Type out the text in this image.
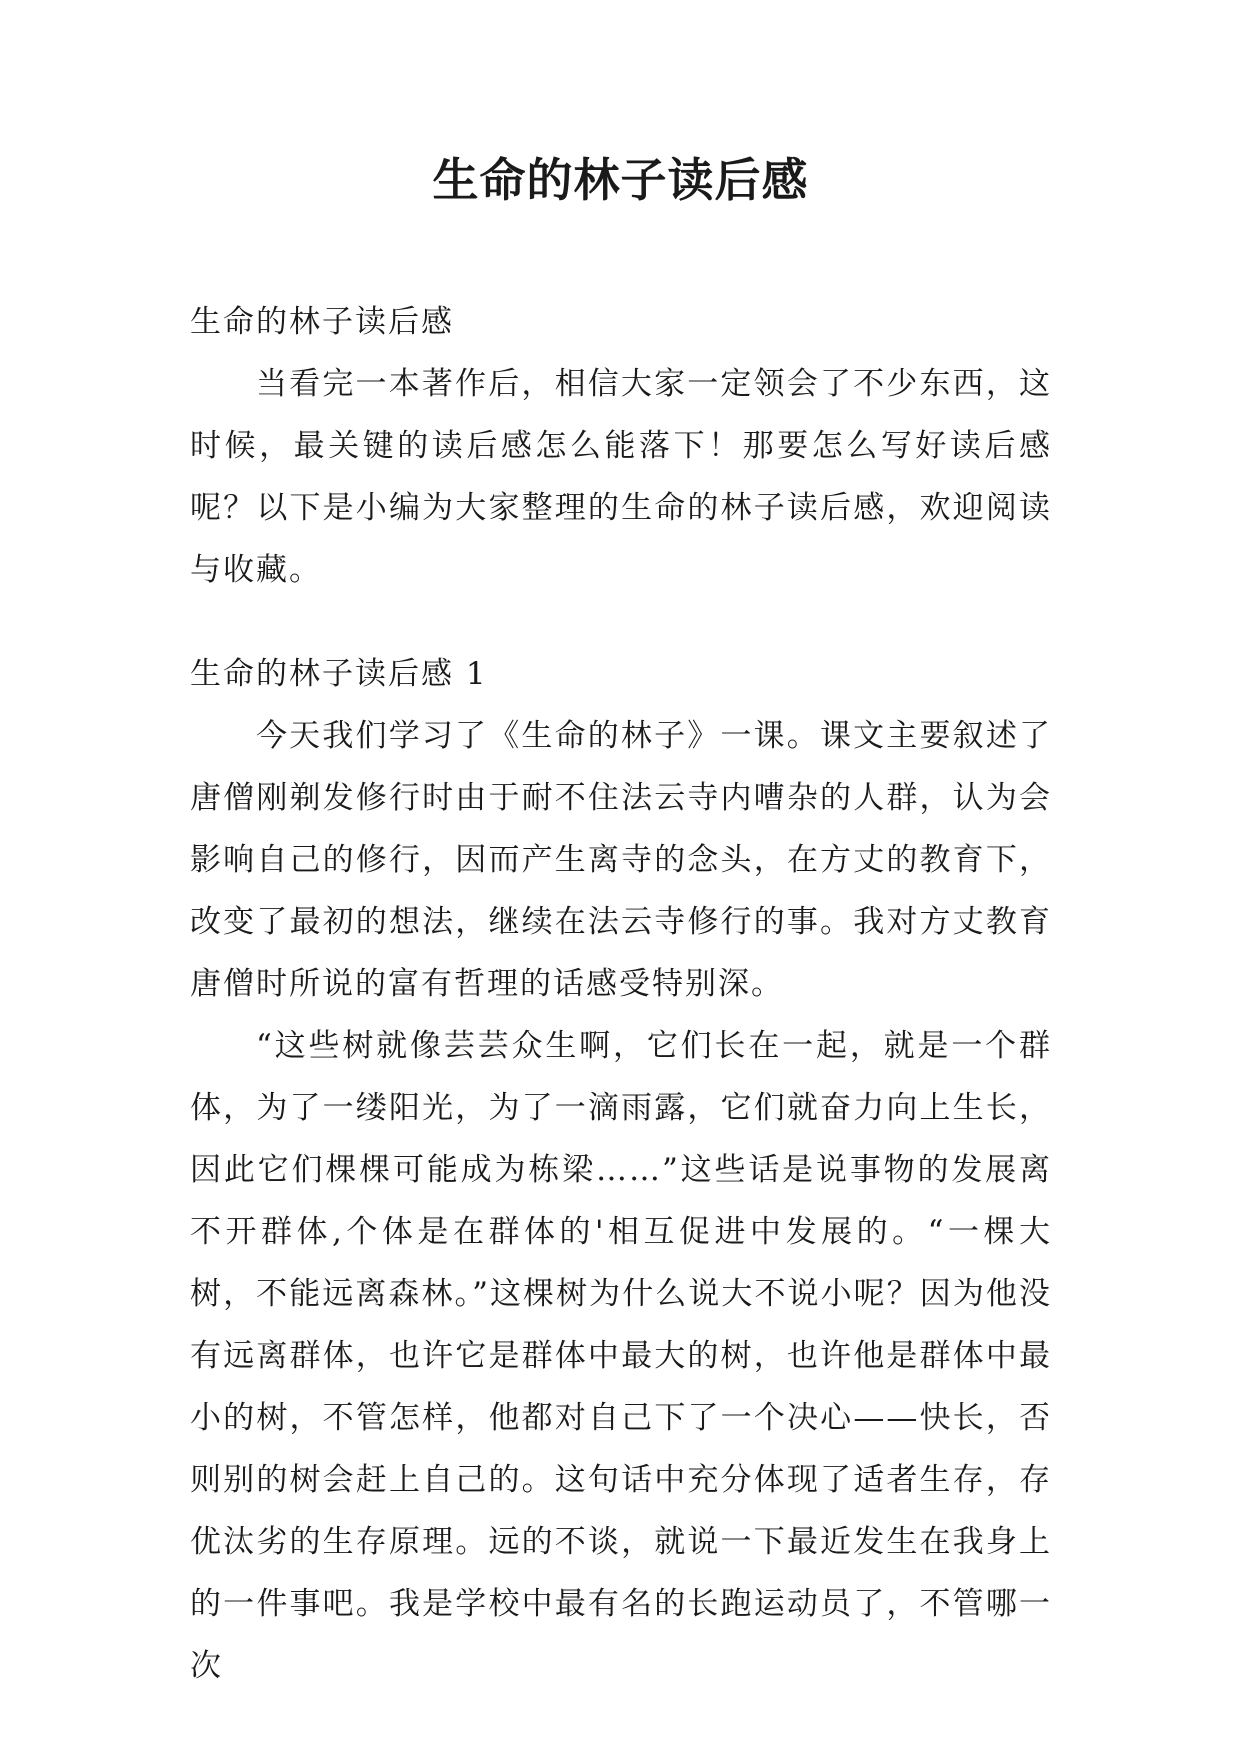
生命的林子读后感

生命的林子读后感

当看完一本著作后，相信大家一定领会了不少东西，这时候，最关键的读后感怎么能落下！那要怎么写好读后感呢？以下是小编为大家整理的生命的林子读后感，欢迎阅读与收藏。

生命的林子读后感 1

今天我们学习了《生命的林子》一课。课文主要叙述了唐僧刚剃发修行时由于耐不住法云寺内嘈杂的人群，认为会影响自己的修行，因而产生离寺的念头，在方丈的教育下，改变了最初的想法，继续在法云寺修行的事。我对方丈教育唐僧时所说的富有哲理的话感受特别深。

“这些树就像芸芸众生啊，它们长在一起，就是一个群体，为了一缕阳光，为了一滴雨露，它们就奋力向上生长，因此它们棵棵可能成为栋梁……”这些话是说事物的发展离不开群体,个体是在群体的'相互促进中发展的。“一棵大树，不能远离森林。”这棵树为什么说大不说小呢？因为他没有远离群体，也许它是群体中最大的树，也许他是群体中最小的树，不管怎样，他都对自己下了一个决心——快长，否则别的树会赶上自己的。这句话中充分体现了适者生存，存优汰劣的生存原理。远的不谈，就说一下最近发生在我身上的一件事吧。我是学校中最有名的长跑运动员了，不管哪一次
